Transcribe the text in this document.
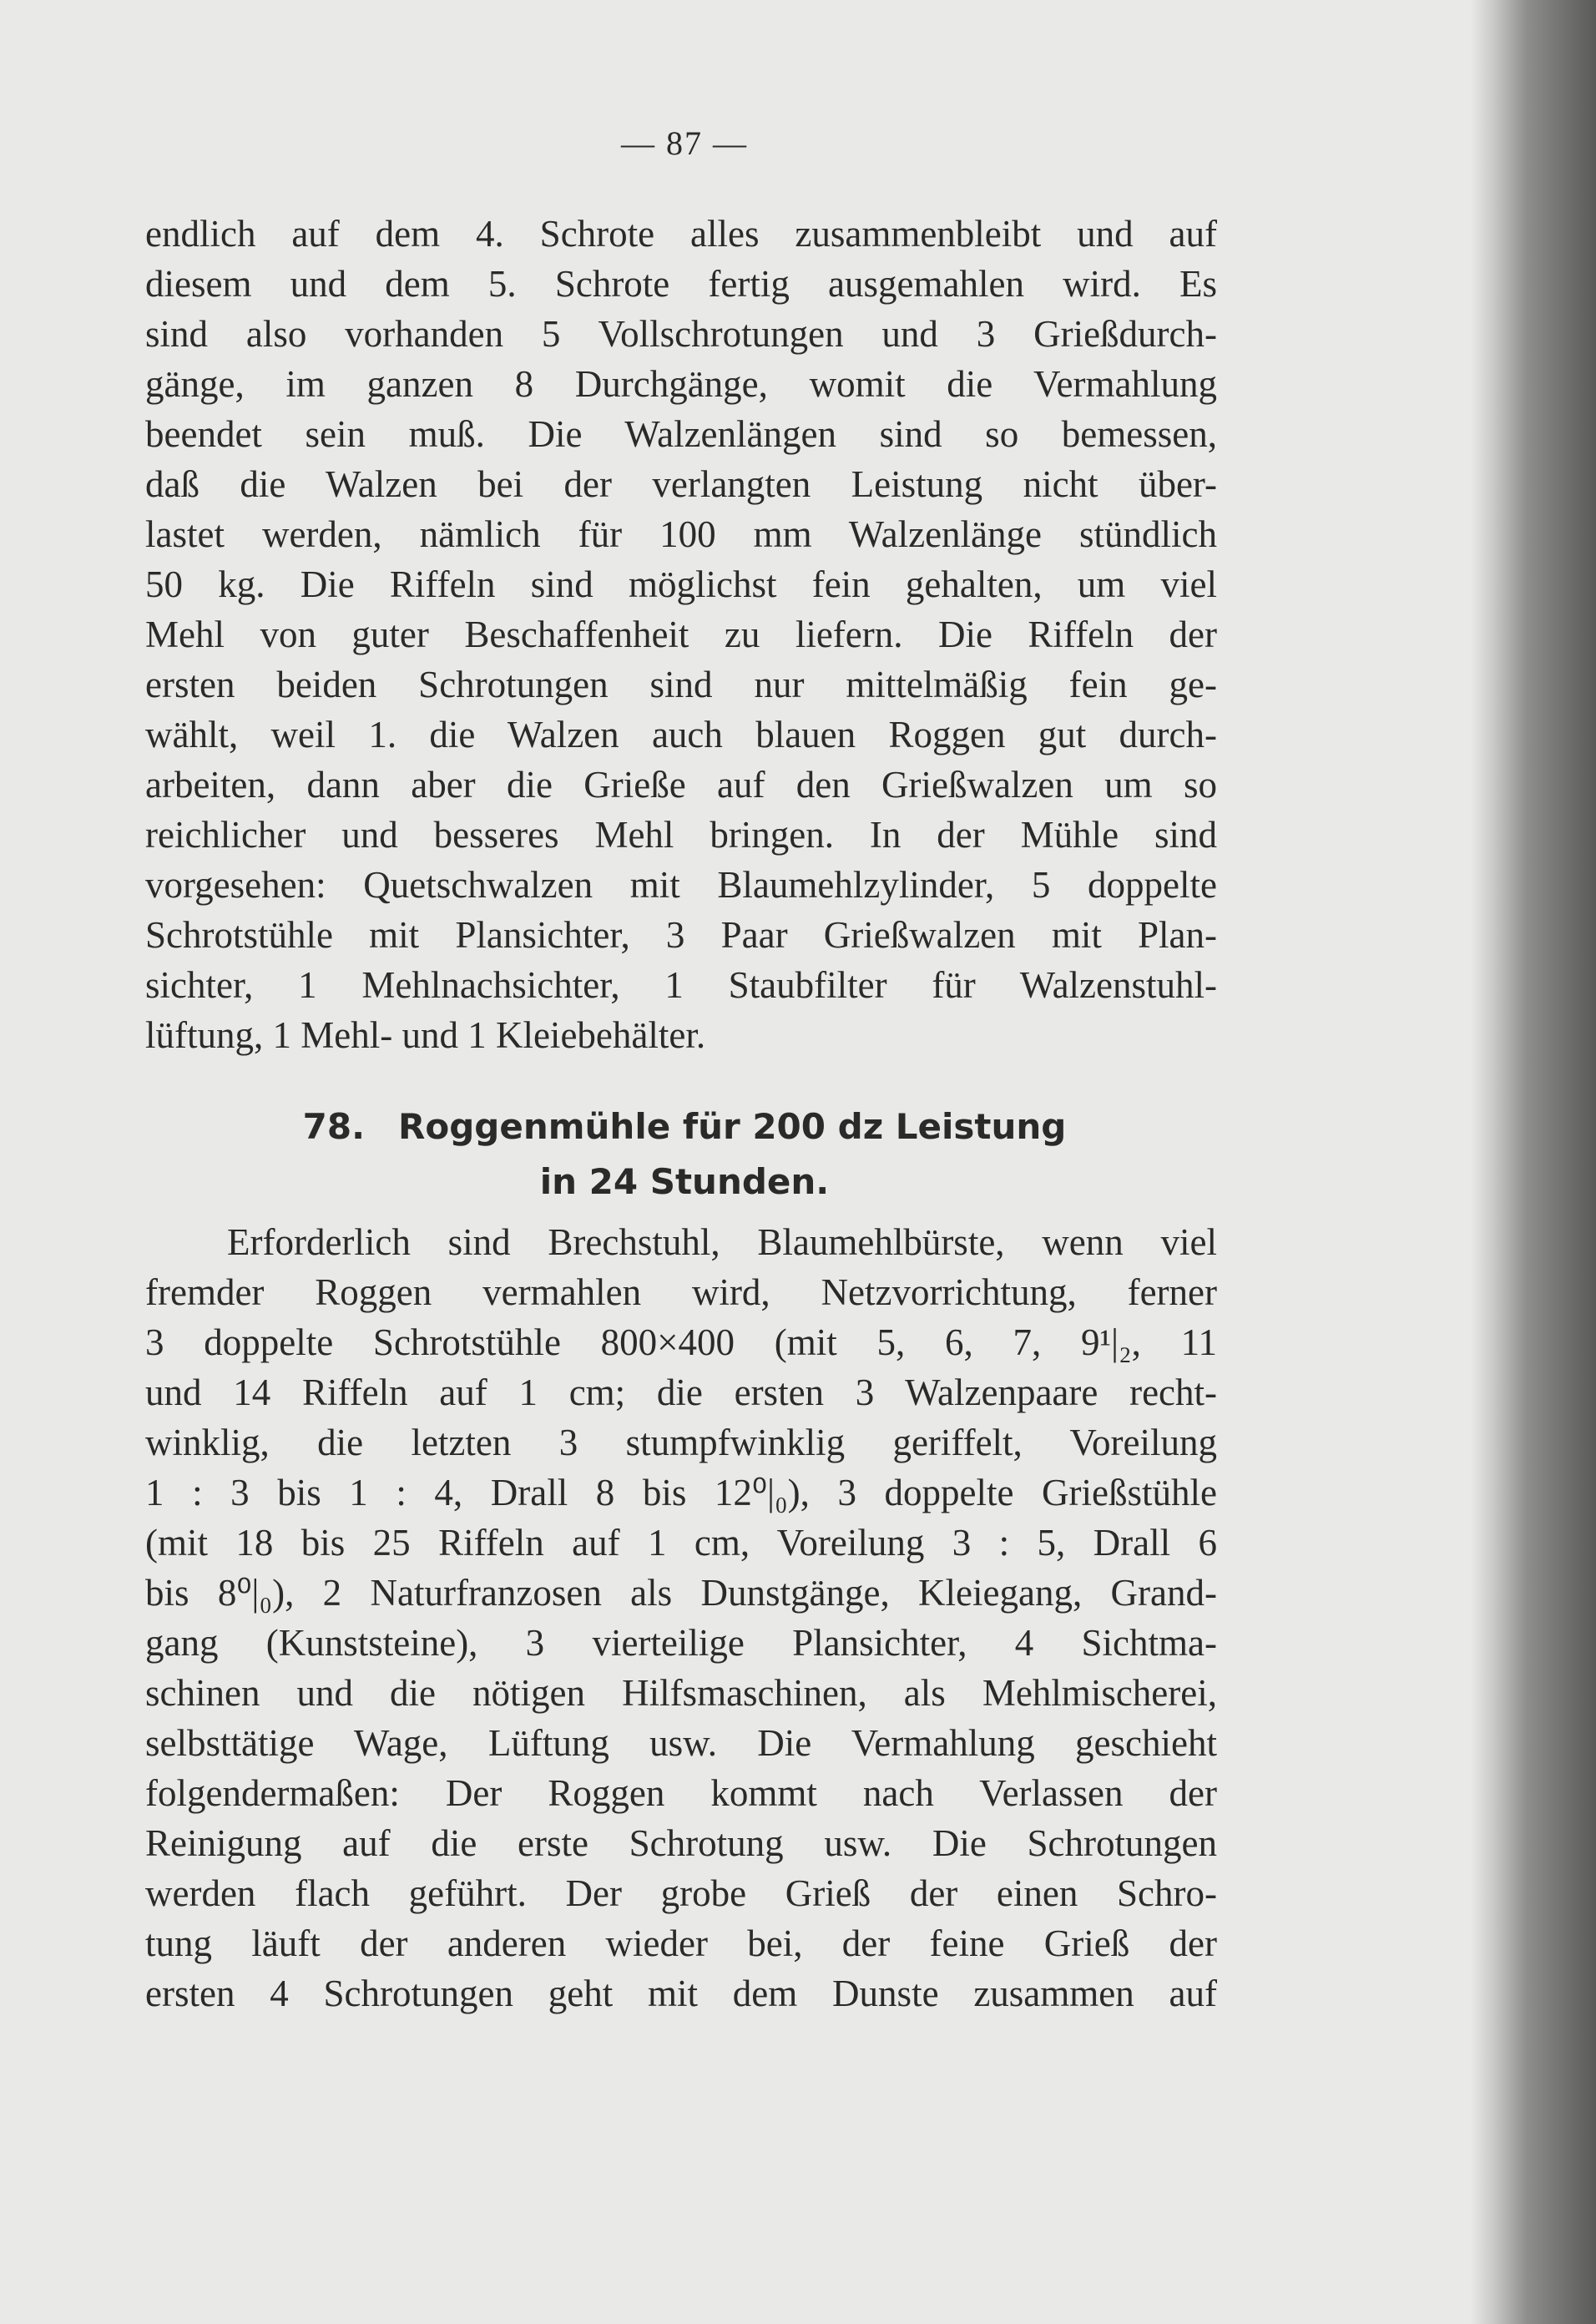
— 87 —
endlich auf dem 4. Schrote alles zusammenbleibt und auf
diesem und dem 5. Schrote fertig ausgemahlen wird. Es
sind also vorhanden 5 Vollschrotungen und 3 Grießdurch-
gänge, im ganzen 8 Durchgänge, womit die Vermahlung
beendet sein muß. Die Walzenlängen sind so bemessen,
daß die Walzen bei der verlangten Leistung nicht über-
lastet werden, nämlich für 100 mm Walzenlänge stündlich
50 kg. Die Riffeln sind möglichst fein gehalten, um viel
Mehl von guter Beschaffenheit zu liefern. Die Riffeln der
ersten beiden Schrotungen sind nur mittelmäßig fein ge-
wählt, weil 1. die Walzen auch blauen Roggen gut durch-
arbeiten, dann aber die Grieße auf den Grießwalzen um so
reichlicher und besseres Mehl bringen. In der Mühle sind
vorgesehen: Quetschwalzen mit Blaumehlzylinder, 5 doppelte
Schrotstühle mit Plansichter, 3 Paar Grießwalzen mit Plan-
sichter, 1 Mehlnachsichter, 1 Staubfilter für Walzenstuhl-
lüftung, 1 Mehl- und 1 Kleiebehälter.
78. Roggenmühle für 200 dz Leistung
in 24 Stunden.
Erforderlich sind Brechstuhl, Blaumehlbürste, wenn viel
fremder Roggen vermahlen wird, Netzvorrichtung, ferner
3 doppelte Schrotstühle 800×400 (mit 5, 6, 7, 9¹|₂, 11
und 14 Riffeln auf 1 cm; die ersten 3 Walzenpaare recht-
winklig, die letzten 3 stumpfwinklig geriffelt, Voreilung
1 : 3 bis 1 : 4, Drall 8 bis 12⁰|₀), 3 doppelte Grießstühle
(mit 18 bis 25 Riffeln auf 1 cm, Voreilung 3 : 5, Drall 6
bis 8⁰|₀), 2 Naturfranzosen als Dunstgänge, Kleiegang, Grand-
gang (Kunststeine), 3 vierteilige Plansichter, 4 Sichtma-
schinen und die nötigen Hilfsmaschinen, als Mehlmischerei,
selbsttätige Wage, Lüftung usw. Die Vermahlung geschieht
folgendermaßen: Der Roggen kommt nach Verlassen der
Reinigung auf die erste Schrotung usw. Die Schrotungen
werden flach geführt. Der grobe Grieß der einen Schro-
tung läuft der anderen wieder bei, der feine Grieß der
ersten 4 Schrotungen geht mit dem Dunste zusammen auf
